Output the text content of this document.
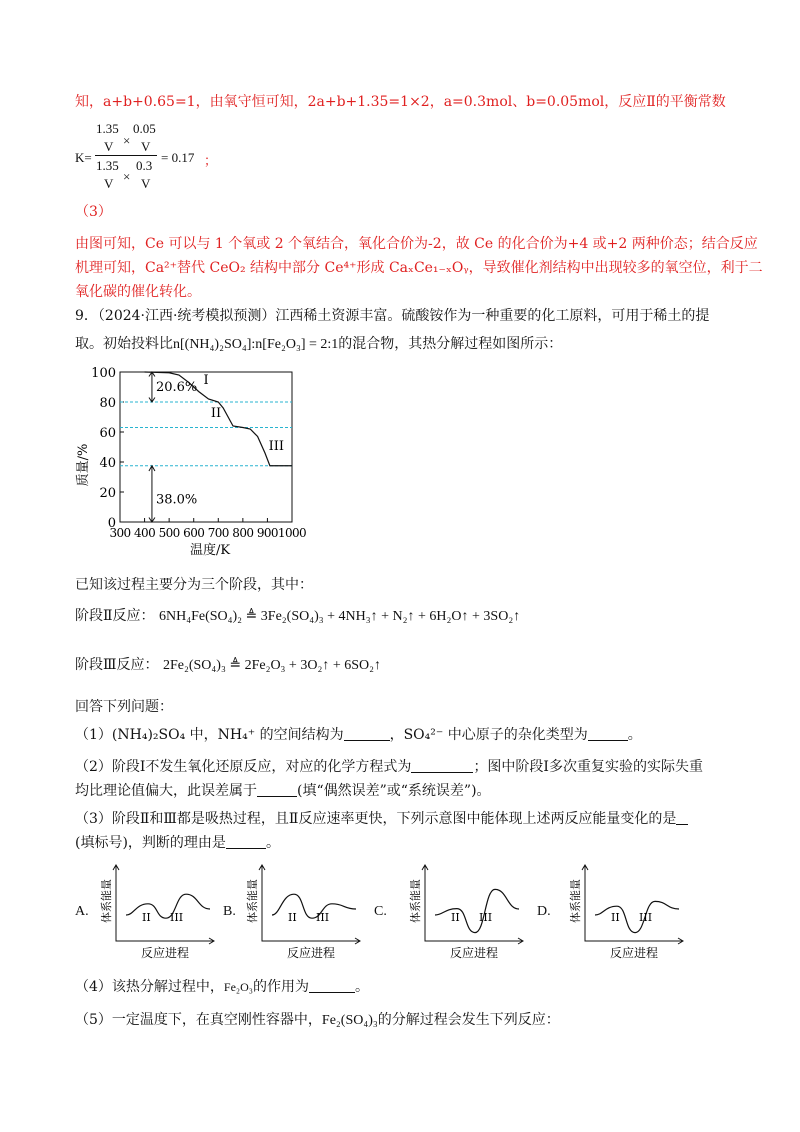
知，a+b+0.65=1，由氧守恒可知，2a+b+1.35=1×2，a=0.3mol、b=0.05mol，反应Ⅱ的平衡常数
K=
1.35 0.05
V × V
1.35 0.3
V × V
= 0.17 ；
（3）
由图可知，Ce 可以与 1 个氧或 2 个氧结合，氧化合价为-2，故 Ce 的化合价为+4 或+2 两种价态；结合反应
机理可知，Ca²⁺替代 CeO₂ 结构中部分 Ce⁴⁺形成 CaₓCe₁₋ₓOᵧ，导致催化剂结构中出现较多的氧空位，利于二
氧化碳的催化转化。
9．（2024·江西·统考模拟预测）江西稀土资源丰富。硫酸铵作为一种重要的化工原料，可用于稀土的提
取。初始投料比n[(NH₄)₂SO₄]:n[Fe₂O₃] = 2:1的混合物，其热分解过程如图所示：
0
20
40
60
80
100
300 400 500 600 700 800 900 1000
温度/K
质量/%
20.6%
38.0%
I
II
III
已知该过程主要分为三个阶段，其中：
阶段Ⅱ反应： 6NH₄Fe(SO₄)₂ ≜ 3Fe₂(SO₄)₃ + 4NH₃↑ + N₂↑ + 6H₂O↑ + 3SO₂↑
阶段Ⅲ反应： 2Fe₂(SO₄)₃ ≜ 2Fe₂O₃ + 3O₂↑ + 6SO₂↑
回答下列问题：
（1）(NH₄)₂SO₄ 中，NH₄⁺ 的空间结构为	，SO₄²⁻ 中心原子的杂化类型为	。
（2）阶段Ⅰ不发生氧化还原反应，对应的化学方程式为	；图中阶段Ⅰ多次重复实验的实际失重
均比理论值偏大，此误差属于	(填“偶然误差”或“系统误差”)。
（3）阶段Ⅱ和Ⅲ都是吸热过程，且Ⅱ反应速率更快，下列示意图中能体现上述两反应能量变化的是
(填标号)，判断的理由是	。
A.	B.	C.	D.
II III
反应进程
体系能量	II III
反应进程
体系能量	II III
反应进程
体系能量	II III
反应进程
体系能量
（4）该热分解过程中，Fe₂O₃的作用为	。
（5）一定温度下，在真空刚性容器中，Fe₂(SO₄)₃的分解过程会发生下列反应：
